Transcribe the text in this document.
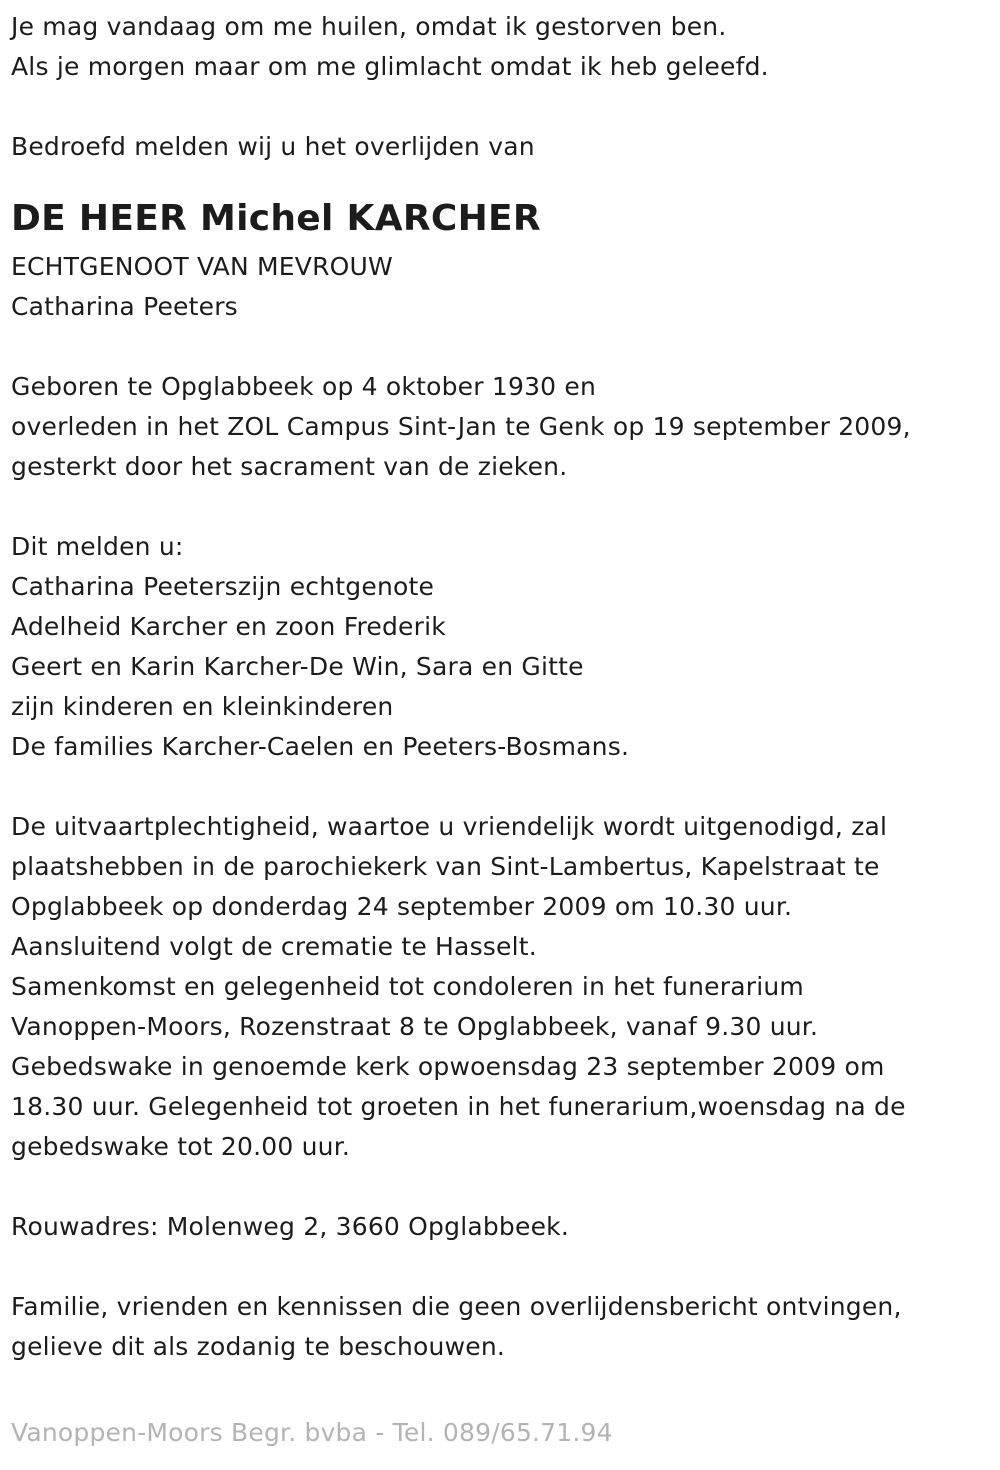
Je mag vandaag om me huilen, omdat ik gestorven ben.
Als je morgen maar om me glimlacht omdat ik heb geleefd.
Bedroefd melden wij u het overlijden van
DE HEER Michel KARCHER
ECHTGENOOT VAN MEVROUW
Catharina Peeters
Geboren te Opglabbeek op 4 oktober 1930 en
overleden in het ZOL Campus Sint-Jan te Genk op 19 september 2009,
gesterkt door het sacrament van de zieken.
Dit melden u:
Catharina Peeterszijn echtgenote
Adelheid Karcher en zoon Frederik
Geert en Karin Karcher-De Win, Sara en Gitte
zijn kinderen en kleinkinderen
De families Karcher-Caelen en Peeters-Bosmans.
De uitvaartplechtigheid, waartoe u vriendelijk wordt uitgenodigd, zal
plaatshebben in de parochiekerk van Sint-Lambertus, Kapelstraat te
Opglabbeek op donderdag 24 september 2009 om 10.30 uur.
Aansluitend volgt de crematie te Hasselt.
Samenkomst en gelegenheid tot condoleren in het funerarium
Vanoppen-Moors, Rozenstraat 8 te Opglabbeek, vanaf 9.30 uur.
Gebedswake in genoemde kerk opwoensdag 23 september 2009 om
18.30 uur. Gelegenheid tot groeten in het funerarium,woensdag na de
gebedswake tot 20.00 uur.
Rouwadres: Molenweg 2, 3660 Opglabbeek.
Familie, vrienden en kennissen die geen overlijdensbericht ontvingen,
gelieve dit als zodanig te beschouwen.
Vanoppen-Moors Begr. bvba - Tel. 089/65.71.94
